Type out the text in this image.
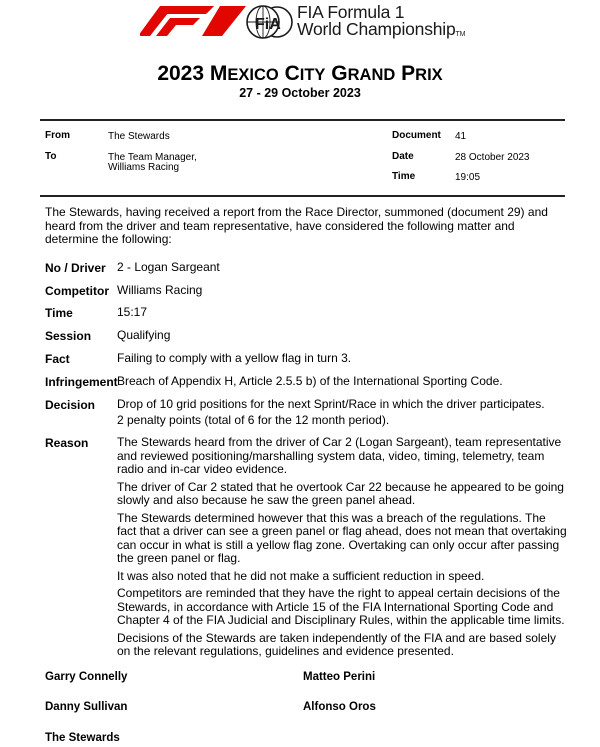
FiA
FIA Formula 1
World ChampionshipTM
2023 MEXICO CITY GRAND PRIX
27 - 29 October 2023
From	The Stewards
To	The Team Manager,
Williams Racing
Document 41
Date	28 October 2023
Time	19:05
The Stewards, having received a report from the Race Director, summoned (document 29) and heard from the driver and team representative, have considered the following matter and determine the following:
No / Driver 2 - Logan Sargeant
Competitor Williams Racing
Time	15:17
Session Qualifying
Fact	Failing to comply with a yellow flag in turn 3.
Infringement Breach of Appendix H, Article 2.5.5 b) of the International Sporting Code.
Decision Drop of 10 grid positions for the next Sprint/Race in which the driver participates.

2 penalty points (total of 6 for the 12 month period).

Reason The Stewards heard from the driver of Car 2 (Logan Sargeant), team representative and reviewed positioning/marshalling system data, video, timing, telemetry, team radio and in-car video evidence.

The driver of Car 2 stated that he overtook Car 22 because he appeared to be going slowly and also because he saw the green panel ahead.

The Stewards determined however that this was a breach of the regulations. The fact that a driver can see a green panel or flag ahead, does not mean that overtaking can occur in what is still a yellow flag zone. Overtaking can only occur after passing the green panel or flag.

It was also noted that he did not make a sufficient reduction in speed.

Competitors are reminded that they have the right to appeal certain decisions of the Stewards, in accordance with Article 15 of the FIA International Sporting Code and Chapter 4 of the FIA Judicial and Disciplinary Rules, within the applicable time limits.

Decisions of the Stewards are taken independently of the FIA and are based solely on the relevant regulations, guidelines and evidence presented.

Garry Connelly	Matteo Perini
Danny Sullivan	Alfonso Oros
The Stewards
